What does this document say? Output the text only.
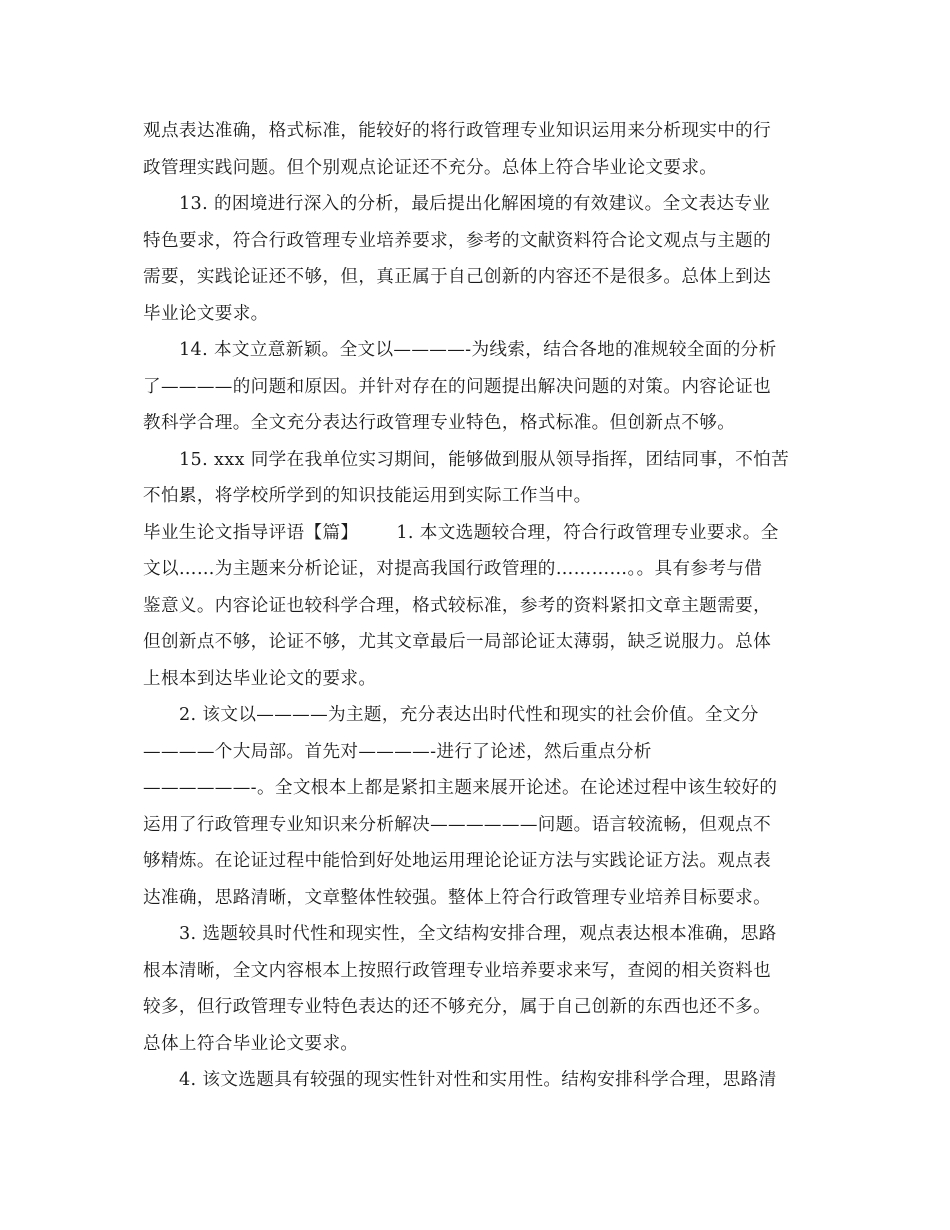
观点表达准确，格式标准，能较好的将行政管理专业知识运用来分析现实中的行
政管理实践问题。但个别观点论证还不充分。总体上符合毕业论文要求。
13. 的困境进行深入的分析，最后提出化解困境的有效建议。全文表达专业
特色要求，符合行政管理专业培养要求，参考的文献资料符合论文观点与主题的
需要，实践论证还不够，但，真正属于自己创新的内容还不是很多。总体上到达
毕业论文要求。
14. 本文立意新颖。全文以————-为线索，结合各地的准规较全面的分析
了————的问题和原因。并针对存在的问题提出解决问题的对策。内容论证也
教科学合理。全文充分表达行政管理专业特色，格式标准。但创新点不够。
15. xxx 同学在我单位实习期间，能够做到服从领导指挥，团结同事，不怕苦
不怕累，将学校所学到的知识技能运用到实际工作当中。
毕业生论文指导评语【篇】 1. 本文选题较合理，符合行政管理专业要求。全
文以……为主题来分析论证，对提高我国行政管理的…………。。具有参考与借
鉴意义。内容论证也较科学合理，格式较标准，参考的资料紧扣文章主题需要，
但创新点不够，论证不够，尤其文章最后一局部论证太薄弱，缺乏说服力。总体
上根本到达毕业论文的要求。
2. 该文以————为主题，充分表达出时代性和现实的社会价值。全文分
————个大局部。首先对————-进行了论述，然后重点分析
——————-。全文根本上都是紧扣主题来展开论述。在论述过程中该生较好的
运用了行政管理专业知识来分析解决——————问题。语言较流畅，但观点不
够精炼。在论证过程中能恰到好处地运用理论论证方法与实践论证方法。观点表
达准确，思路清晰，文章整体性较强。整体上符合行政管理专业培养目标要求。
3. 选题较具时代性和现实性，全文结构安排合理，观点表达根本准确，思路
根本清晰，全文内容根本上按照行政管理专业培养要求来写，查阅的相关资料也
较多，但行政管理专业特色表达的还不够充分，属于自己创新的东西也还不多。
总体上符合毕业论文要求。
4. 该文选题具有较强的现实性针对性和实用性。结构安排科学合理，思路清
